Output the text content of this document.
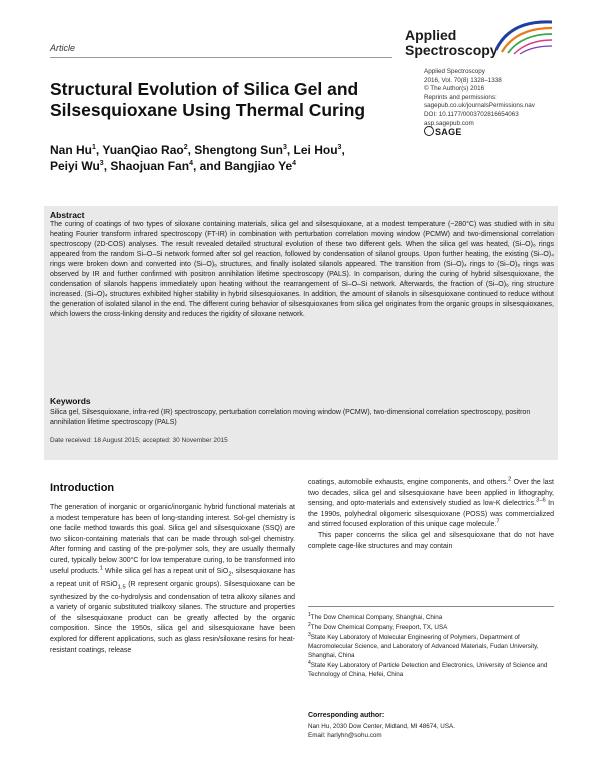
Article
Applied
Spectroscopy
Applied Spectroscopy
2016, Vol. 70(8) 1328–1338
© The Author(s) 2016
Reprints and permissions:
sagepub.co.uk/journalsPermissions.nav
DOI: 10.1177/0003702816654063
asp.sagepub.com
SAGE
Structural Evolution of Silica Gel and Silsesquioxane Using Thermal Curing
Nan Hu$^1$, YuanQiao Rao$^2$, Shengtong Sun$^3$, Lei Hou$^3$,
Peiyi Wu$^3$, Shaojuan Fan$^4$, and Bangjiao Ye$^4$
Abstract
The curing of coatings of two types of siloxane containing materials, silica gel and silsesquioxane, at a modest temperature (~280°C) was studied with in situ heating Fourier transform infrared spectroscopy (FT-IR) in combination with perturbation correlation moving window (PCMW) and two-dimensional correlation spectroscopy (2D-COS) analyses. The result revealed detailed structural evolution of these two different gels. When the silica gel was heated, (Si–O)₆ rings appeared from the random Si–O–Si network formed after sol gel reaction, followed by condensation of silanol groups. Upon further heating, the existing (Si–O)₄ rings were broken down and converted into (Si–O)₆ structures, and finally isolated silanols appeared. The transition from (Si–O)₄ rings to (Si–O)₆ rings was observed by IR and further confirmed with positron annihilation lifetime spectroscopy (PALS). In comparison, during the curing of hybrid silsesquioxane, the condensation of silanols happens immediately upon heating without the rearrangement of Si–O–Si network. Afterwards, the fraction of (Si–O)₆ ring structure increased. (Si–O)₄ structures exhibited higher stability in hybrid silsesquioxanes. In addition, the amount of silanols in silsesquioxane continued to reduce without the generation of isolated silanol in the end. The different curing behavior of silsesquioxanes from silica gel originates from the organic groups in silsesquioxanes, which lowers the cross-linking density and reduces the rigidity of siloxane network.
Keywords
Silica gel, Silsesquioxane, infra-red (IR) spectroscopy, perturbation correlation moving window (PCMW), two-dimensional correlation spectroscopy, positron annihilation lifetime spectroscopy (PALS)
Date received: 18 August 2015; accepted: 30 November 2015
Introduction

The generation of inorganic or organic/inorganic hybrid functional materials at a modest temperature has been of long-standing interest. Sol-gel chemistry is one facile method towards this goal. Silica gel and silsesquioxane (SSQ) are two silicon-containing materials that can be made through sol-gel chemistry. After forming and casting of the pre-polymer sols, they are usually thermally cured, typically below 300°C for low temperature curing, to be transformed into useful products.$^1$ While silica gel has a repeat unit of SiO$_2$, silsesquioxane has a repeat unit of RSiO$_{1.5}$ (R represent organic groups). Silsesquioxane can be synthesized by the co-hydrolysis and condensation of tetra alkoxy silanes and a variety of organic substituted trialkoxy silanes. The structure and properties of the silsesquioxane product can be greatly affected by the organic composition. Since the 1950s, silica gel and silsesquioxane have been explored for different applications, such as glass resin/siloxane resins for heat-resistant coatings, release

coatings, automobile exhausts, engine components, and others.$^2$ Over the last two decades, silica gel and silsesquioxane have been applied in lithography, sensing, and opto-materials and extensively studied as low-K dielectrics.$^{3-6}$ In the 1990s, polyhedral oligomeric silsesquioxane (POSS) was commercialized and stirred focused exploration of this unique cage molecule.$^7$

This paper concerns the silica gel and silsesquioxane that do not have complete cage-like structures and may contain

$^1$The Dow Chemical Company, Shanghai, China
$^2$The Dow Chemical Company, Freeport, TX, USA
$^3$State Key Laboratory of Molecular Engineering of Polymers, Department of Macromolecular Science, and Laboratory of Advanced Materials, Fudan University, Shanghai, China
$^4$State Key Laboratory of Particle Detection and Electronics, University of Science and Technology of China, Hefei, China
Corresponding author:
Nan Hu, 2030 Dow Center, Midland, MI 48674, USA.
Email: harlyhn@sohu.com
